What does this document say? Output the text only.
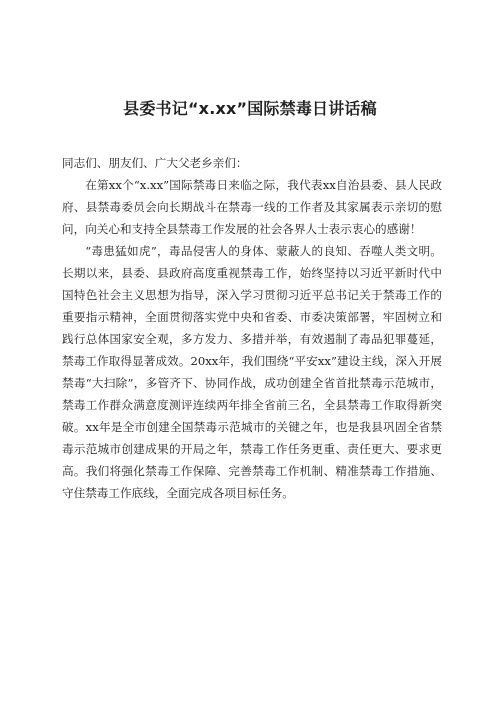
县委书记“x.xx”国际禁毒日讲话稿

同志们、朋友们、广大父老乡亲们：

在第xx个“x.xx”国际禁毒日来临之际，我代表xx自治县委、县人民政府、县禁毒委员会向长期战斗在禁毒一线的工作者及其家属表示亲切的慰问，向关心和支持全县禁毒工作发展的社会各界人士表示衷心的感谢！

“毒患猛如虎”，毒品侵害人的身体、蒙蔽人的良知、吞噬人类文明。长期以来，县委、县政府高度重视禁毒工作，始终坚持以习近平新时代中国特色社会主义思想为指导，深入学习贯彻习近平总书记关于禁毒工作的重要指示精神，全面贯彻落实党中央和省委、市委决策部署，牢固树立和践行总体国家安全观，多方发力、多措并举，有效遏制了毒品犯罪蔓延，禁毒工作取得显著成效。20xx年，我们围绕“平安xx”建设主线，深入开展禁毒“大扫除”，多管齐下、协同作战，成功创建全省首批禁毒示范城市，禁毒工作群众满意度测评连续两年排全省前三名，全县禁毒工作取得新突破。xx年是全市创建全国禁毒示范城市的关键之年，也是我县巩固全省禁毒示范城市创建成果的开局之年，禁毒工作任务更重、责任更大、要求更高。我们将强化禁毒工作保障、完善禁毒工作机制、精准禁毒工作措施、守住禁毒工作底线，全面完成各项目标任务。
